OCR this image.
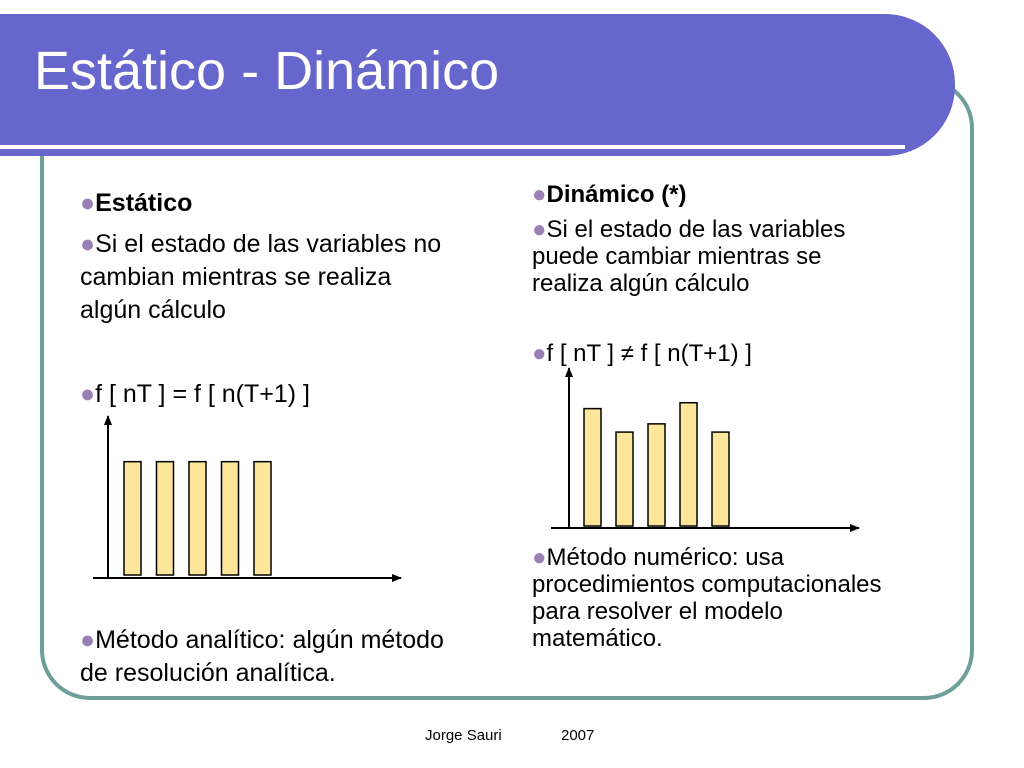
Estático - Dinámico
●Estático
●Si el estado de las variables no
cambian mientras se realiza
algún cálculo
●f [ nT ] = f [ n(T+1) ]
●Método analítico: algún método
de resolución analítica.
●Dinámico (*)
●Si el estado de las variables
puede cambiar mientras se
realiza algún cálculo
●f [ nT ] ≠ f [ n(T+1) ]
●Método numérico: usa
procedimientos computacionales
para resolver el modelo
matemático.
Jorge Sauri	2007
